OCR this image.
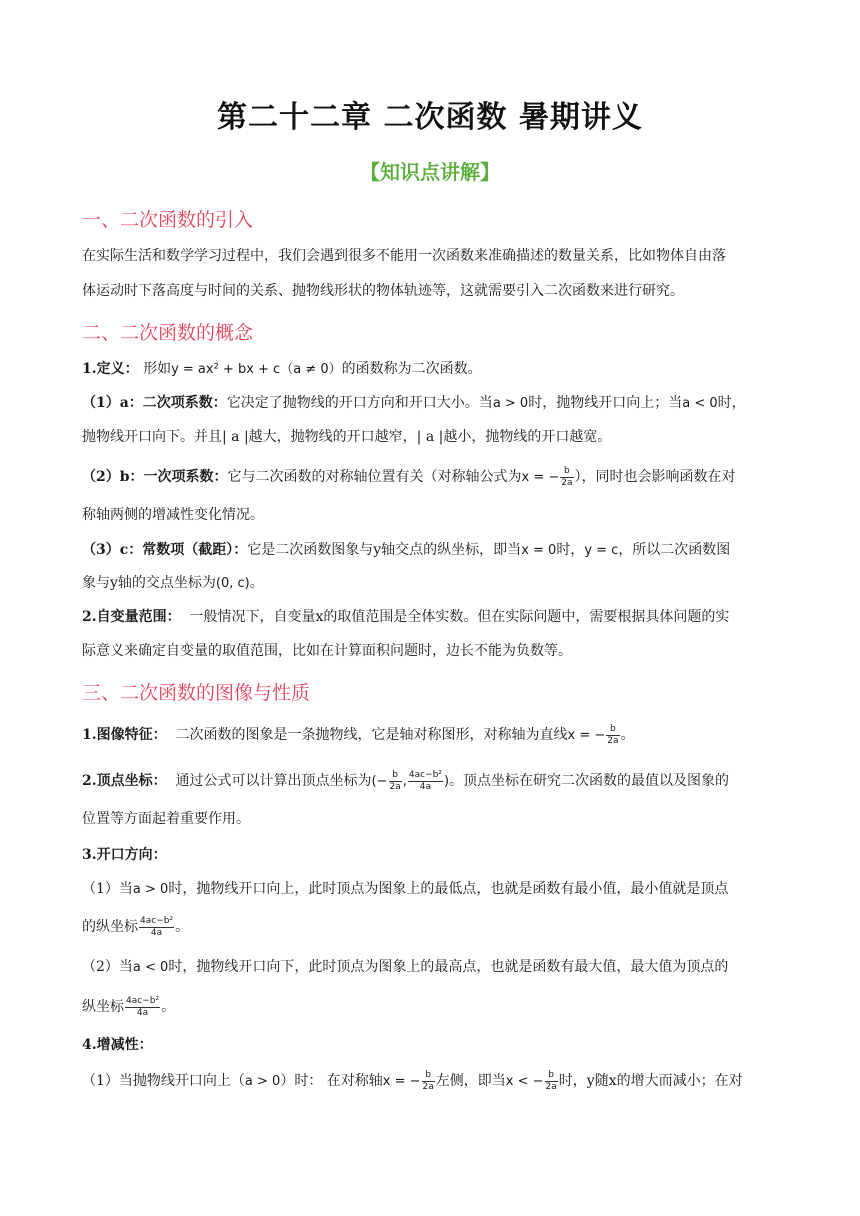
第二十二章 二次函数 暑期讲义
【知识点讲解】
一、二次函数的引入
在实际生活和数学学习过程中，我们会遇到很多不能用一次函数来准确描述的数量关系，比如物体自由落
体运动时下落高度与时间的关系、抛物线形状的物体轨迹等，这就需要引入二次函数来进行研究。
二、二次函数的概念
1.定义： 形如y = ax² + bx + c（a ≠ 0）的函数称为二次函数。
（1）a：二次项系数：它决定了抛物线的开口方向和开口大小。当a > 0时，抛物线开口向上；当a < 0时，
抛物线开口向下。并且| a |越大，抛物线的开口越窄，| a |越小，抛物线的开口越宽。
（2）b：一次项系数：它与二次函数的对称轴位置有关（对称轴公式为x = − $\frac{b}{2a}$ ），同时也会影响函数在对
称轴两侧的增减性变化情况。
（3）c：常数项（截距）：它是二次函数图象与y轴交点的纵坐标，即当x = 0时，y = c，所以二次函数图
象与y轴的交点坐标为(0, c)。
2.自变量范围： 一般情况下，自变量x的取值范围是全体实数。但在实际问题中，需要根据具体问题的实
际意义来确定自变量的取值范围，比如在计算面积问题时，边长不能为负数等。
三、二次函数的图像与性质
1.图像特征： 二次函数的图象是一条抛物线，它是轴对称图形，对称轴为直线x = − $\frac{b}{2a}$ 。
2.顶点坐标： 通过公式可以计算出顶点坐标为(− $\frac{b}{2a}$ , $\frac{\text{4ac−b²}}{4a}$ )。顶点坐标在研究二次函数的最值以及图象的
位置等方面起着重要作用。
3.开口方向：
（1）当a > 0时，抛物线开口向上，此时顶点为图象上的最低点，也就是函数有最小值，最小值就是顶点
的纵坐标 $\frac{\text{4ac−b²}}{4a}$ 。
（2）当a < 0时，抛物线开口向下，此时顶点为图象上的最高点，也就是函数有最大值，最大值为顶点的
纵坐标 $\frac{\text{4ac−b²}}{4a}$ 。
4.增减性：
（1）当抛物线开口向上（a > 0）时： 在对称轴x = − $\frac{b}{2a}$ 左侧，即当x < − $\frac{b}{2a}$ 时，y随x的增大而减小；在对
